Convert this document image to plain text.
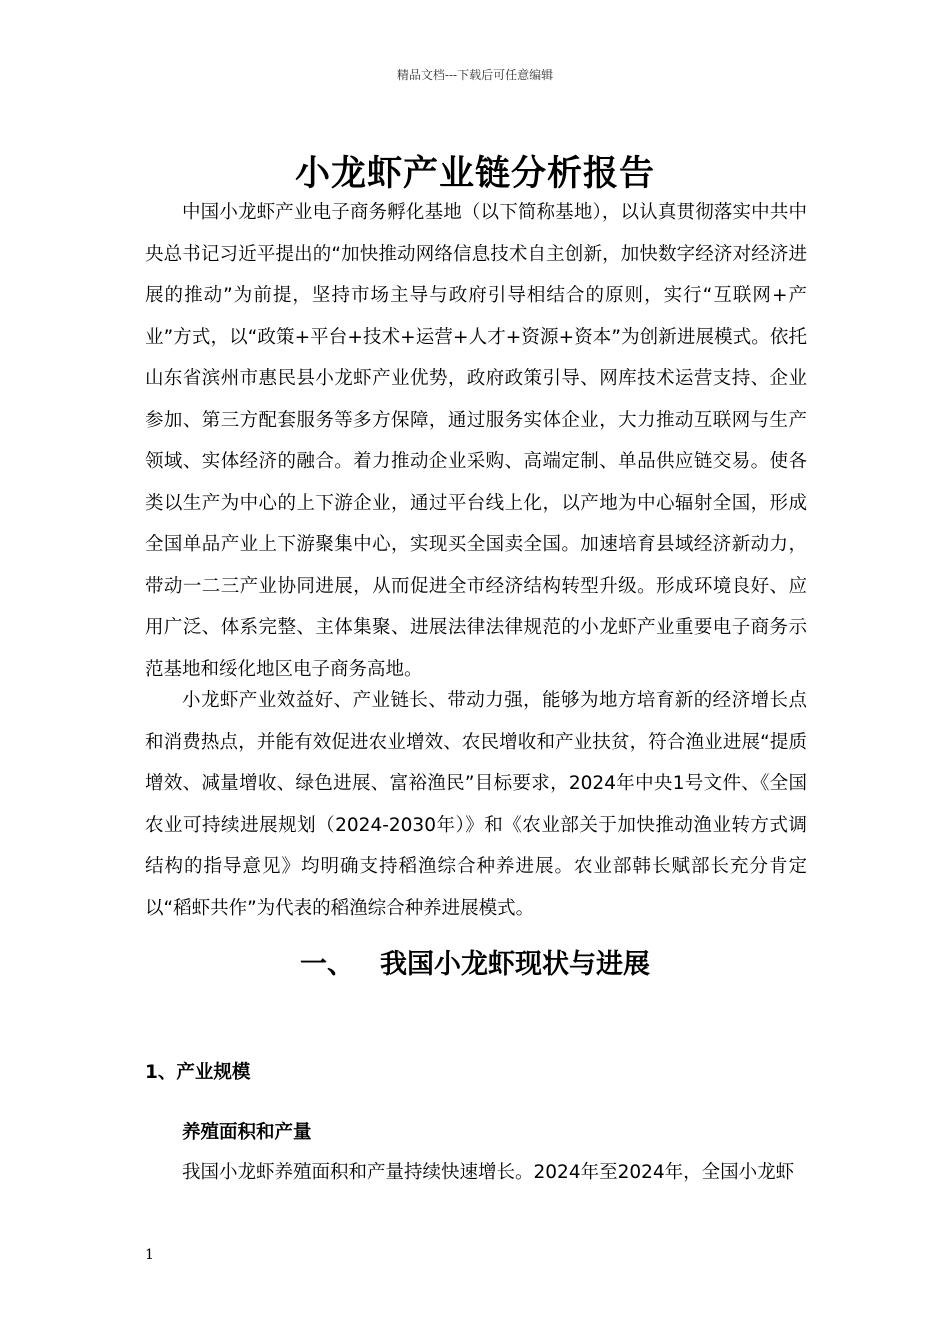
精品文档---下载后可任意编辑
小龙虾产业链分析报告

中国小龙虾产业电子商务孵化基地（以下简称基地），以认真贯彻落实中共中央总书记习近平提出的“加快推动网络信息技术自主创新，加快数字经济对经济进展的推动”为前提，坚持市场主导与政府引导相结合的原则，实行“互联网+产业”方式，以“政策+平台+技术+运营+人才+资源+资本”为创新进展模式。依托山东省滨州市惠民县小龙虾产业优势，政府政策引导、网库技术运营支持、企业参加、第三方配套服务等多方保障，通过服务实体企业，大力推动互联网与生产领域、实体经济的融合。着力推动企业采购、高端定制、单品供应链交易。使各类以生产为中心的上下游企业，通过平台线上化，以产地为中心辐射全国，形成全国单品产业上下游聚集中心，实现买全国卖全国。加速培育县域经济新动力，带动一二三产业协同进展，从而促进全市经济结构转型升级。形成环境良好、应用广泛、体系完整、主体集聚、进展法律法律规范的小龙虾产业重要电子商务示范基地和绥化地区电子商务高地。

小龙虾产业效益好、产业链长、带动力强，能够为地方培育新的经济增长点和消费热点，并能有效促进农业增效、农民增收和产业扶贫，符合渔业进展“提质增效、减量增收、绿色进展、富裕渔民”目标要求，2024年中央1号文件、《全国农业可持续进展规划（2024-2030年）》和《农业部关于加快推动渔业转方式调结构的指导意见》均明确支持稻渔综合种养进展。农业部韩长赋部长充分肯定以“稻虾共作”为代表的稻渔综合种养进展模式。

一、 我国小龙虾现状与进展
1、产业规模
养殖面积和产量

我国小龙虾养殖面积和产量持续快速增长。2024年至2024年，全国小龙虾

1
